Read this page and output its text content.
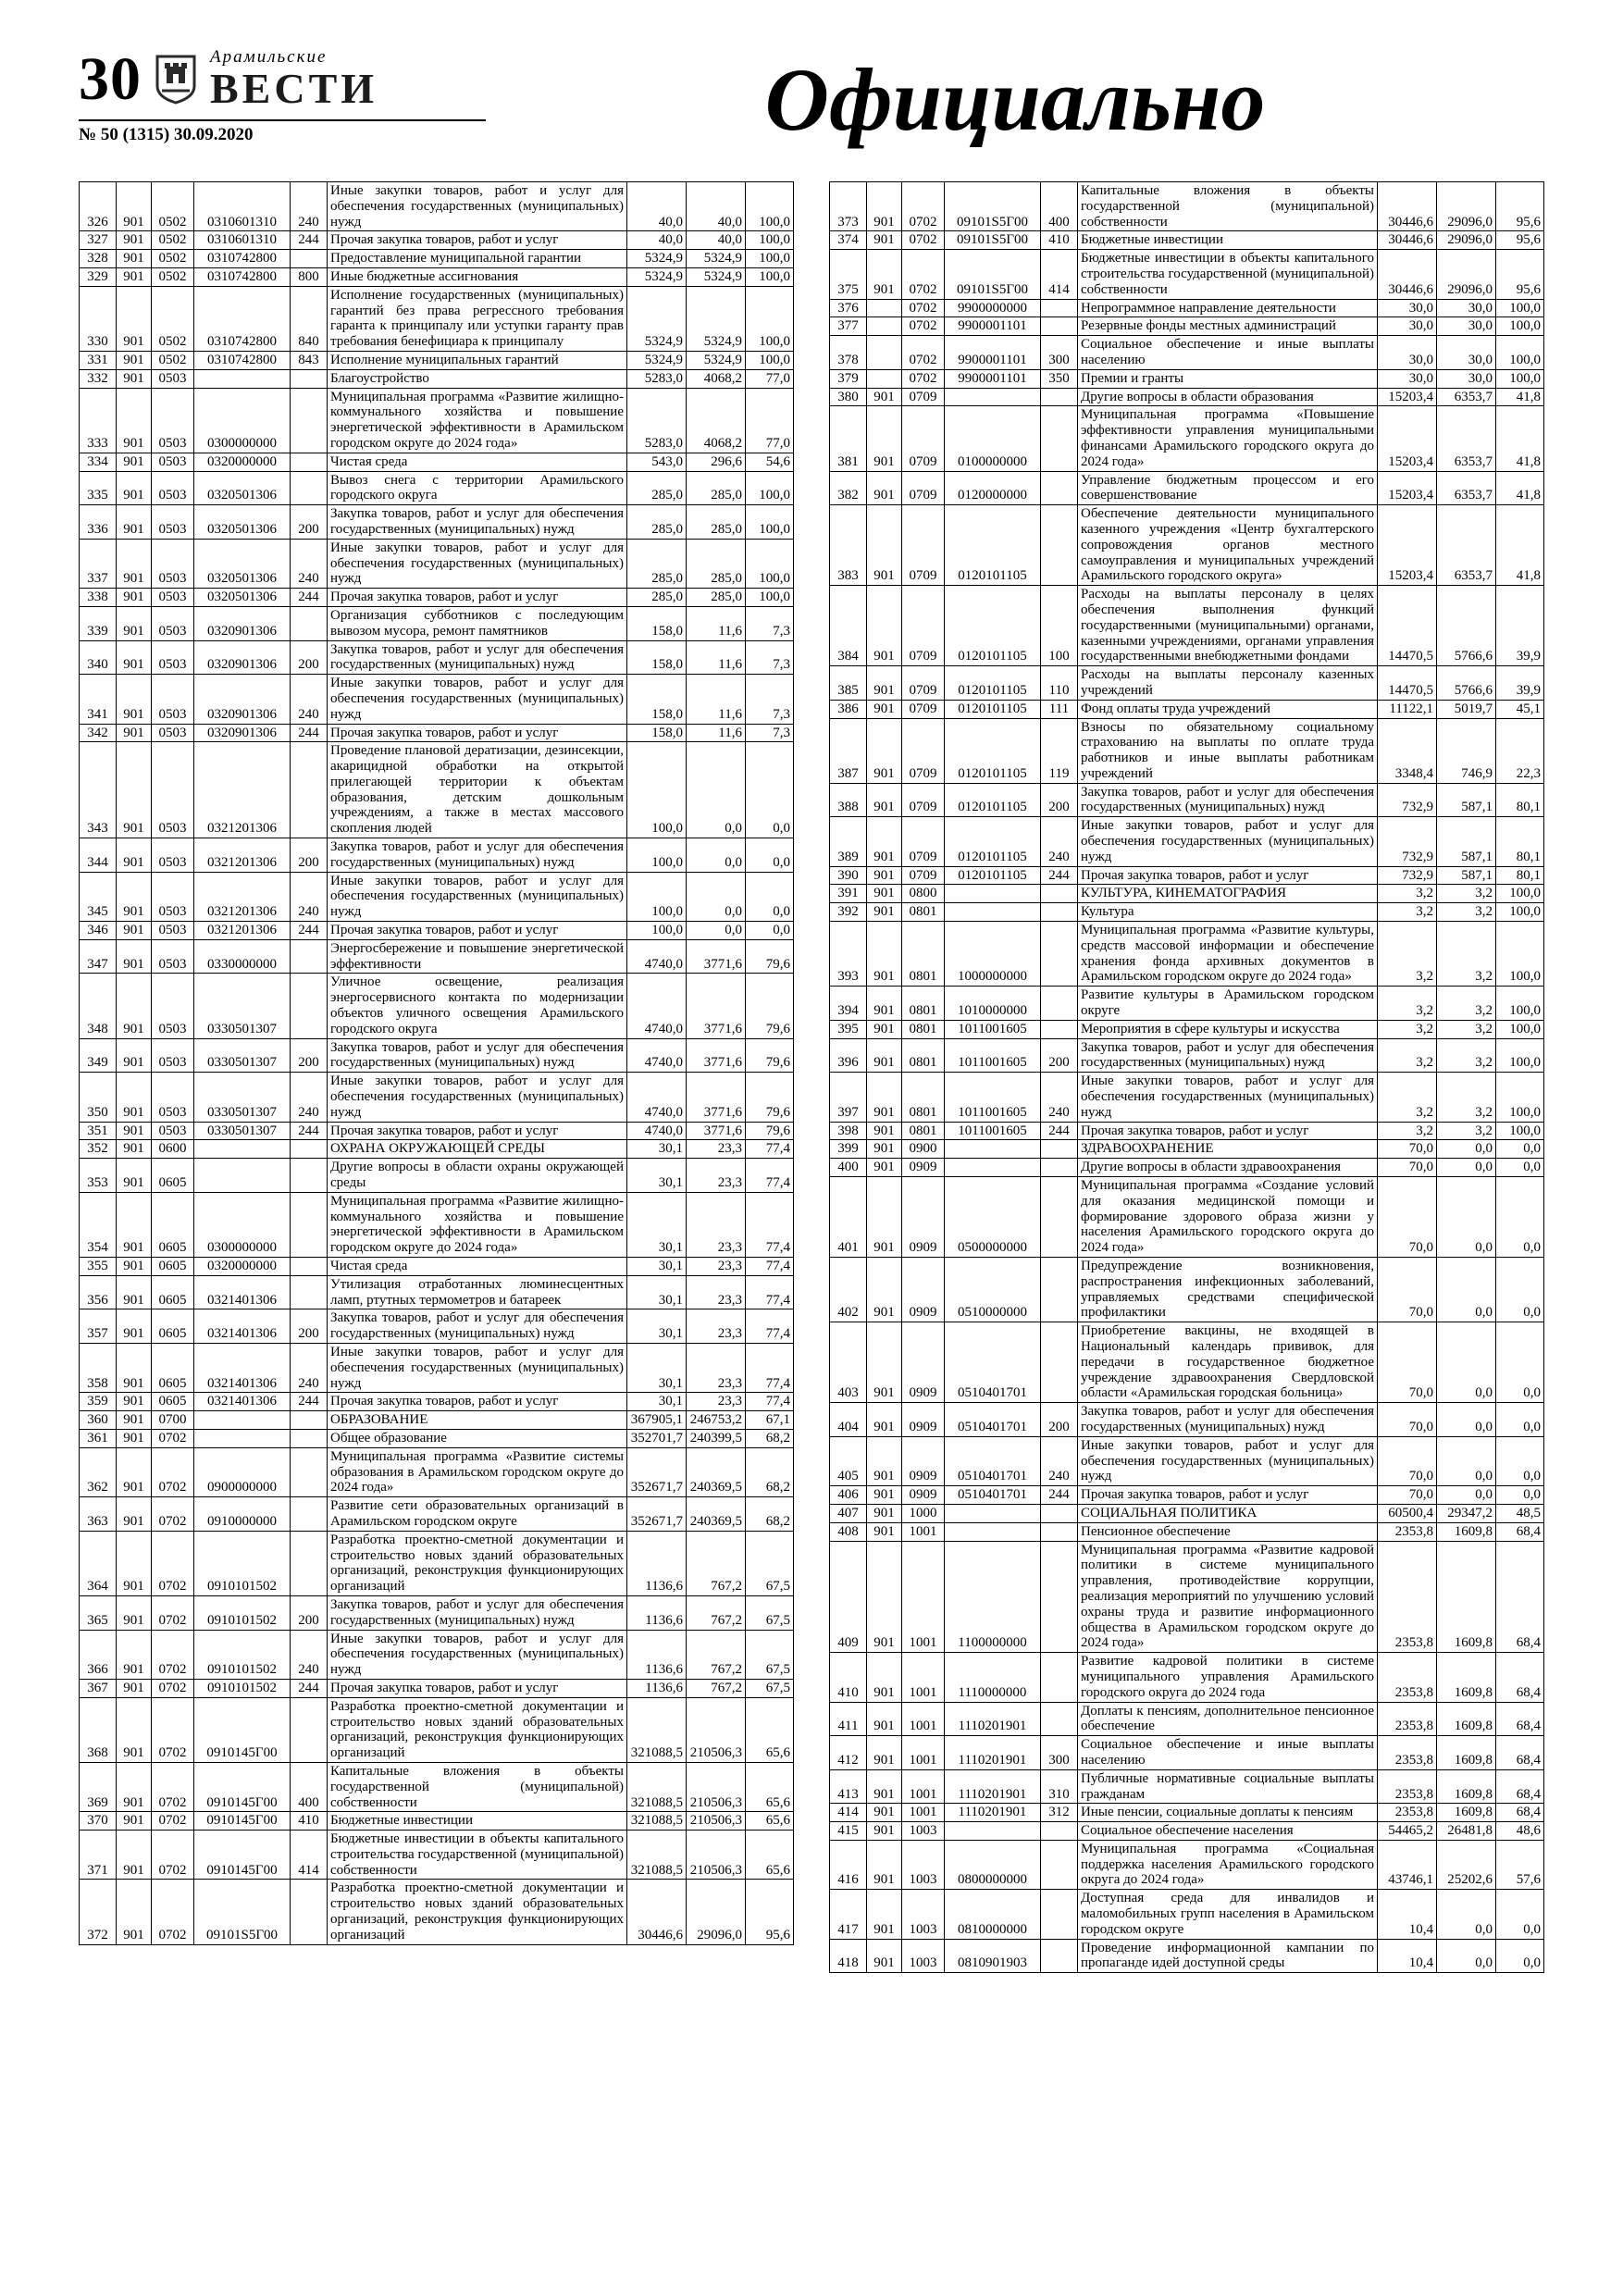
30	Арамильские
ВЕСТИ
№ 50 (1315) 30.09.2020	Официально
326	901	0502	0310601310	240	Иные закупки товаров, работ и услуг для обеспечения государственных (муниципальных) нужд	40,0	40,0	100,0
327	901	0502	0310601310	244	Прочая закупка товаров, работ и услуг	40,0	40,0	100,0
328	901	0502	0310742800		Предоставление муниципальной гарантии	5324,9	5324,9	100,0
329	901	0502	0310742800	800	Иные бюджетные ассигнования	5324,9	5324,9	100,0
330	901	0502	0310742800	840	Исполнение государственных (муниципальных) гарантий без права регрессного требования гаранта к принципалу или уступки гаранту прав требования бенефициара к принципалу	5324,9	5324,9	100,0
331	901	0502	0310742800	843	Исполнение муниципальных гарантий	5324,9	5324,9	100,0
332	901	0503			Благоустройство	5283,0	4068,2	77,0
333	901	0503	0300000000		Муниципальная программа «Развитие жилищно-коммунального хозяйства и повышение энергетической эффективности в Арамильском городском округе до 2024 года»	5283,0	4068,2	77,0
334	901	0503	0320000000		Чистая среда	543,0	296,6	54,6
335	901	0503	0320501306		Вывоз снега с территории Арамильского городского округа	285,0	285,0	100,0
336	901	0503	0320501306	200	Закупка товаров, работ и услуг для обеспечения государственных (муниципальных) нужд	285,0	285,0	100,0
337	901	0503	0320501306	240	Иные закупки товаров, работ и услуг для обеспечения государственных (муниципальных) нужд	285,0	285,0	100,0
338	901	0503	0320501306	244	Прочая закупка товаров, работ и услуг	285,0	285,0	100,0
339	901	0503	0320901306		Организация субботников с последующим вывозом мусора, ремонт памятников	158,0	11,6	7,3
340	901	0503	0320901306	200	Закупка товаров, работ и услуг для обеспечения государственных (муниципальных) нужд	158,0	11,6	7,3
341	901	0503	0320901306	240	Иные закупки товаров, работ и услуг для обеспечения государственных (муниципальных) нужд	158,0	11,6	7,3
342	901	0503	0320901306	244	Прочая закупка товаров, работ и услуг	158,0	11,6	7,3
343	901	0503	0321201306		Проведение плановой дератизации, дезинсекции, акарицидной обработки на открытой прилегающей территории к объектам образования, детским дошкольным учреждениям, а также в местах массового скопления людей	100,0	0,0	0,0
344	901	0503	0321201306	200	Закупка товаров, работ и услуг для обеспечения государственных (муниципальных) нужд	100,0	0,0	0,0
345	901	0503	0321201306	240	Иные закупки товаров, работ и услуг для обеспечения государственных (муниципальных) нужд	100,0	0,0	0,0
346	901	0503	0321201306	244	Прочая закупка товаров, работ и услуг	100,0	0,0	0,0
347	901	0503	0330000000		Энергосбережение и повышение энергетической эффективности	4740,0	3771,6	79,6
348	901	0503	0330501307		Уличное освещение, реализация энергосервисного контакта по модернизации объектов уличного освещения Арамильского городского округа	4740,0	3771,6	79,6
349	901	0503	0330501307	200	Закупка товаров, работ и услуг для обеспечения государственных (муниципальных) нужд	4740,0	3771,6	79,6
350	901	0503	0330501307	240	Иные закупки товаров, работ и услуг для обеспечения государственных (муниципальных) нужд	4740,0	3771,6	79,6
351	901	0503	0330501307	244	Прочая закупка товаров, работ и услуг	4740,0	3771,6	79,6
352	901	0600			ОХРАНА ОКРУЖАЮЩЕЙ СРЕДЫ	30,1	23,3	77,4
353	901	0605			Другие вопросы в области охраны окружающей среды	30,1	23,3	77,4
354	901	0605	0300000000		Муниципальная программа «Развитие жилищно-коммунального хозяйства и повышение энергетической эффективности в Арамильском городском округе до 2024 года»	30,1	23,3	77,4
355	901	0605	0320000000		Чистая среда	30,1	23,3	77,4
356	901	0605	0321401306		Утилизация отработанных люминесцентных ламп, ртутных термометров и батареек	30,1	23,3	77,4
357	901	0605	0321401306	200	Закупка товаров, работ и услуг для обеспечения государственных (муниципальных) нужд	30,1	23,3	77,4
358	901	0605	0321401306	240	Иные закупки товаров, работ и услуг для обеспечения государственных (муниципальных) нужд	30,1	23,3	77,4
359	901	0605	0321401306	244	Прочая закупка товаров, работ и услуг	30,1	23,3	77,4
360	901	0700			ОБРАЗОВАНИЕ	367905,1	246753,2	67,1
361	901	0702			Общее образование	352701,7	240399,5	68,2
362	901	0702	0900000000		Муниципальная программа «Развитие системы образования в Арамильском городском округе до 2024 года»	352671,7	240369,5	68,2
363	901	0702	0910000000		Развитие сети образовательных организаций в Арамильском городском округе	352671,7	240369,5	68,2
364	901	0702	0910101502		Разработка проектно-сметной документации и строительство новых зданий образовательных организаций, реконструкция функционирующих организаций	1136,6	767,2	67,5
365	901	0702	0910101502	200	Закупка товаров, работ и услуг для обеспечения государственных (муниципальных) нужд	1136,6	767,2	67,5
366	901	0702	0910101502	240	Иные закупки товаров, работ и услуг для обеспечения государственных (муниципальных) нужд	1136,6	767,2	67,5
367	901	0702	0910101502	244	Прочая закупка товаров, работ и услуг	1136,6	767,2	67,5
368	901	0702	0910145Г00		Разработка проектно-сметной документации и строительство новых зданий образовательных организаций, реконструкция функционирующих организаций	321088,5	210506,3	65,6
369	901	0702	0910145Г00	400	Капитальные вложения в объекты государственной (муниципальной) собственности	321088,5	210506,3	65,6
370	901	0702	0910145Г00	410	Бюджетные инвестиции	321088,5	210506,3	65,6
371	901	0702	0910145Г00	414	Бюджетные инвестиции в объекты капитального строительства государственной (муниципальной) собственности	321088,5	210506,3	65,6
372	901	0702	09101S5Г00		Разработка проектно-сметной документации и строительство новых зданий образовательных организаций, реконструкция функционирующих организаций	30446,6	29096,0	95,6
373	901	0702	09101S5Г00	400	Капитальные вложения в объекты государственной (муниципальной) собственности	30446,6	29096,0	95,6
374	901	0702	09101S5Г00	410	Бюджетные инвестиции	30446,6	29096,0	95,6
375	901	0702	09101S5Г00	414	Бюджетные инвестиции в объекты капитального строительства государственной (муниципальной) собственности	30446,6	29096,0	95,6
376		0702	9900000000		Непрограммное направление деятельности	30,0	30,0	100,0
377		0702	9900001101		Резервные фонды местных администраций	30,0	30,0	100,0
378		0702	9900001101	300	Социальное обеспечение и иные выплаты населению	30,0	30,0	100,0
379		0702	9900001101	350	Премии и гранты	30,0	30,0	100,0
380	901	0709			Другие вопросы в области образования	15203,4	6353,7	41,8
381	901	0709	0100000000		Муниципальная программа «Повышение эффективности управления муниципальными финансами Арамильского городского округа до 2024 года»	15203,4	6353,7	41,8
382	901	0709	0120000000		Управление бюджетным процессом и его совершенствование	15203,4	6353,7	41,8
383	901	0709	0120101105		Обеспечение деятельности муниципального казенного учреждения «Центр бухгалтерского сопровождения органов местного самоуправления и муниципальных учреждений Арамильского городского округа»	15203,4	6353,7	41,8
384	901	0709	0120101105	100	Расходы на выплаты персоналу в целях обеспечения выполнения функций государственными (муниципальными) органами, казенными учреждениями, органами управления государственными внебюджетными фондами	14470,5	5766,6	39,9
385	901	0709	0120101105	110	Расходы на выплаты персоналу казенных учреждений	14470,5	5766,6	39,9
386	901	0709	0120101105	111	Фонд оплаты труда учреждений	11122,1	5019,7	45,1
387	901	0709	0120101105	119	Взносы по обязательному социальному страхованию на выплаты по оплате труда работников и иные выплаты работникам учреждений	3348,4	746,9	22,3
388	901	0709	0120101105	200	Закупка товаров, работ и услуг для обеспечения государственных (муниципальных) нужд	732,9	587,1	80,1
389	901	0709	0120101105	240	Иные закупки товаров, работ и услуг для обеспечения государственных (муниципальных) нужд	732,9	587,1	80,1
390	901	0709	0120101105	244	Прочая закупка товаров, работ и услуг	732,9	587,1	80,1
391	901	0800			КУЛЬТУРА, КИНЕМАТОГРАФИЯ	3,2	3,2	100,0
392	901	0801			Культура	3,2	3,2	100,0
393	901	0801	1000000000		Муниципальная программа «Развитие культуры, средств массовой информации и обеспечение хранения фонда архивных документов в Арамильском городском округе до 2024 года»	3,2	3,2	100,0
394	901	0801	1010000000		Развитие культуры в Арамильском городском округе	3,2	3,2	100,0
395	901	0801	1011001605		Мероприятия в сфере культуры и искусства	3,2	3,2	100,0
396	901	0801	1011001605	200	Закупка товаров, работ и услуг для обеспечения государственных (муниципальных) нужд	3,2	3,2	100,0
397	901	0801	1011001605	240	Иные закупки товаров, работ и услуг для обеспечения государственных (муниципальных) нужд	3,2	3,2	100,0
398	901	0801	1011001605	244	Прочая закупка товаров, работ и услуг	3,2	3,2	100,0
399	901	0900			ЗДРАВООХРАНЕНИЕ	70,0	0,0	0,0
400	901	0909			Другие вопросы в области здравоохранения	70,0	0,0	0,0
401	901	0909	0500000000		Муниципальная программа «Создание условий для оказания медицинской помощи и формирование здорового образа жизни у населения Арамильского городского округа до 2024 года»	70,0	0,0	0,0
402	901	0909	0510000000		Предупреждение возникновения, распространения инфекционных заболеваний, управляемых средствами специфической профилактики	70,0	0,0	0,0
403	901	0909	0510401701		Приобретение вакцины, не входящей в Национальный календарь прививок, для передачи в государственное бюджетное учреждение здравоохранения Свердловской области «Арамильская городская больница»	70,0	0,0	0,0
404	901	0909	0510401701	200	Закупка товаров, работ и услуг для обеспечения государственных (муниципальных) нужд	70,0	0,0	0,0
405	901	0909	0510401701	240	Иные закупки товаров, работ и услуг для обеспечения государственных (муниципальных) нужд	70,0	0,0	0,0
406	901	0909	0510401701	244	Прочая закупка товаров, работ и услуг	70,0	0,0	0,0
407	901	1000			СОЦИАЛЬНАЯ ПОЛИТИКА	60500,4	29347,2	48,5
408	901	1001			Пенсионное обеспечение	2353,8	1609,8	68,4
409	901	1001	1100000000		Муниципальная программа «Развитие кадровой политики в системе муниципального управления, противодействие коррупции, реализация мероприятий по улучшению условий охраны труда и развитие информационного общества в Арамильском городском округе до 2024 года»	2353,8	1609,8	68,4
410	901	1001	1110000000		Развитие кадровой политики в системе муниципального управления Арамильского городского округа до 2024 года	2353,8	1609,8	68,4
411	901	1001	1110201901		Доплаты к пенсиям, дополнительное пенсионное обеспечение	2353,8	1609,8	68,4
412	901	1001	1110201901	300	Социальное обеспечение и иные выплаты населению	2353,8	1609,8	68,4
413	901	1001	1110201901	310	Публичные нормативные социальные выплаты гражданам	2353,8	1609,8	68,4
414	901	1001	1110201901	312	Иные пенсии, социальные доплаты к пенсиям	2353,8	1609,8	68,4
415	901	1003			Социальное обеспечение населения	54465,2	26481,8	48,6
416	901	1003	0800000000		Муниципальная программа «Социальная поддержка населения Арамильского городского округа до 2024 года»	43746,1	25202,6	57,6
417	901	1003	0810000000		Доступная среда для инвалидов и маломобильных групп населения в Арамильском городском округе	10,4	0,0	0,0
418	901	1003	0810901903		Проведение информационной кампании по пропаганде идей доступной среды	10,4	0,0	0,0
